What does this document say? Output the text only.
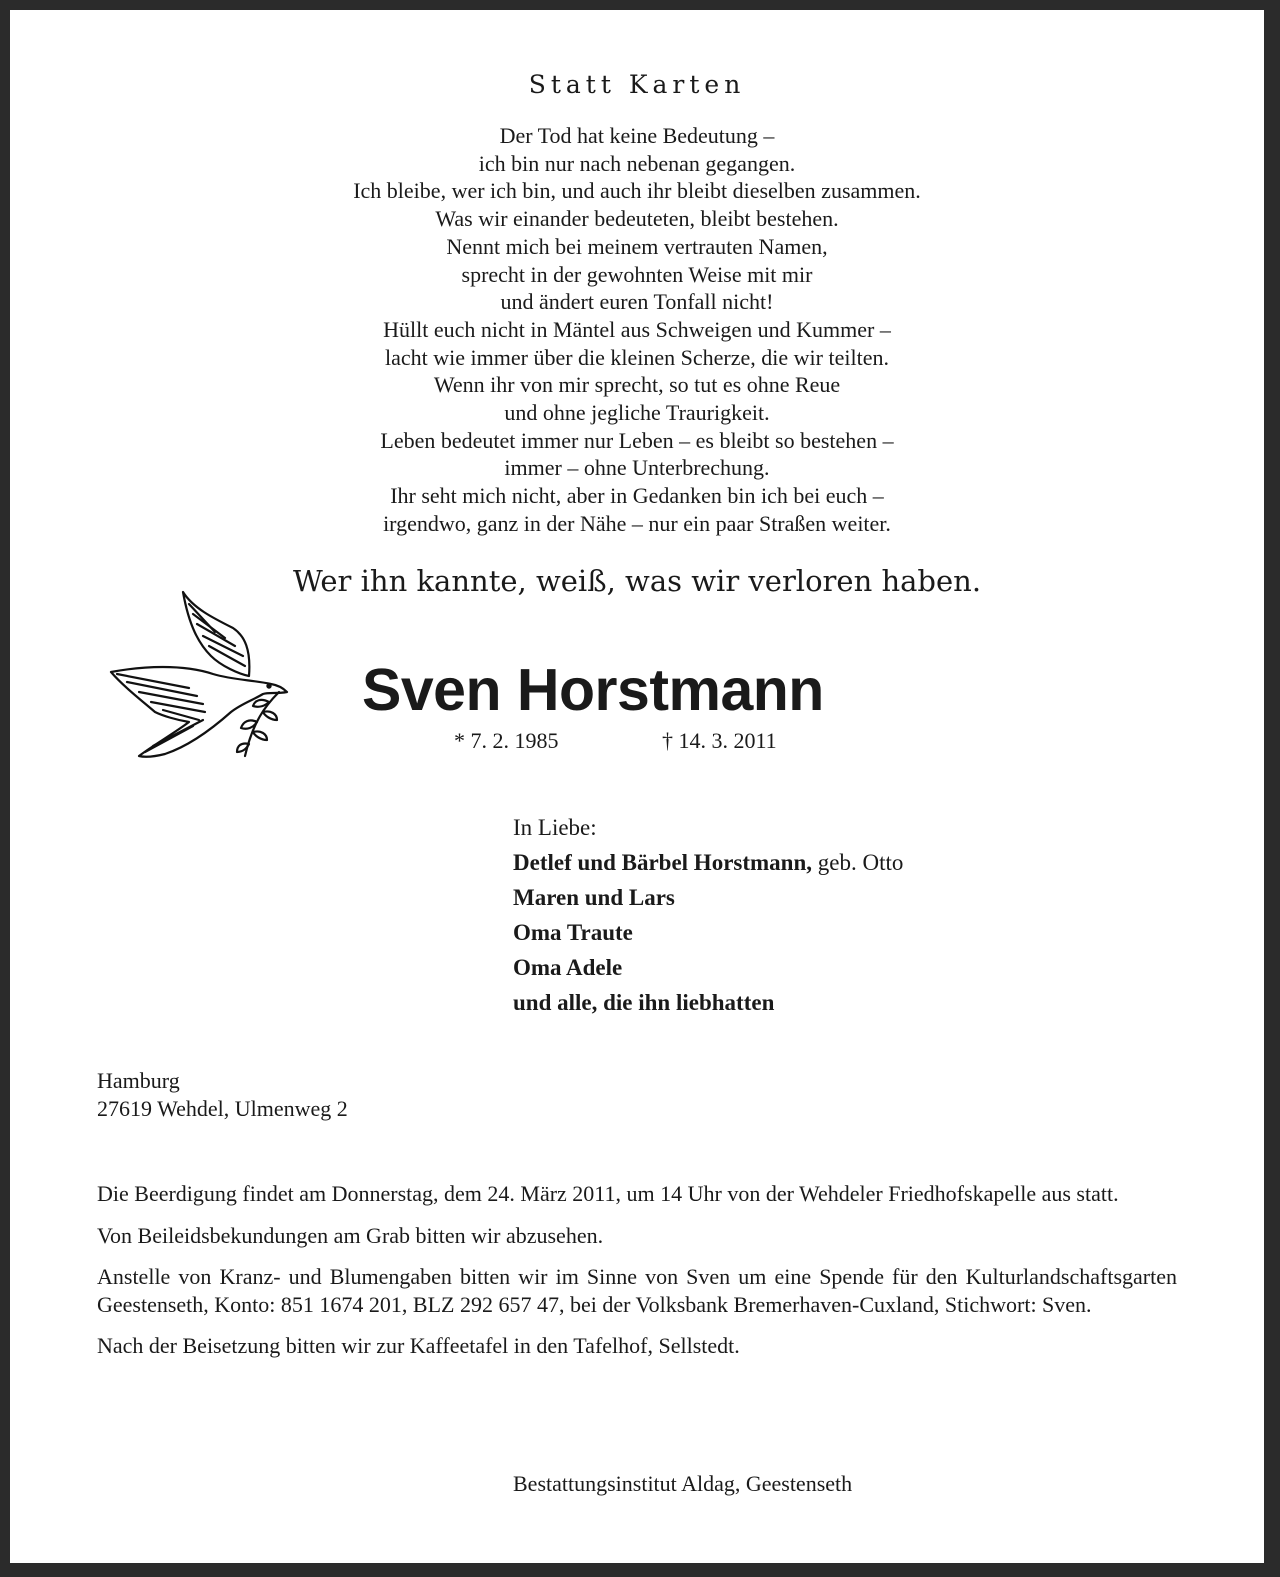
Statt Karten
Der Tod hat keine Bedeutung –
ich bin nur nach nebenan gegangen.
Ich bleibe, wer ich bin, und auch ihr bleibt dieselben zusammen.
Was wir einander bedeuteten, bleibt bestehen.
Nennt mich bei meinem vertrauten Namen,
sprecht in der gewohnten Weise mit mir
und ändert euren Tonfall nicht!
Hüllt euch nicht in Mäntel aus Schweigen und Kummer –
lacht wie immer über die kleinen Scherze, die wir teilten.
Wenn ihr von mir sprecht, so tut es ohne Reue
und ohne jegliche Traurigkeit.
Leben bedeutet immer nur Leben – es bleibt so bestehen –
immer – ohne Unterbrechung.
Ihr seht mich nicht, aber in Gedanken bin ich bei euch –
irgendwo, ganz in der Nähe – nur ein paar Straßen weiter.
Wer ihn kannte, weiß, was wir verloren haben.
Sven Horstmann
* 7. 2. 1985	† 14. 3. 2011
In Liebe:
Detlef und Bärbel Horstmann, geb. Otto
Maren und Lars
Oma Traute
Oma Adele
und alle, die ihn liebhatten
Hamburg
27619 Wehdel, Ulmenweg 2

Die Beerdigung findet am Donnerstag, dem 24. März 2011, um 14 Uhr von der Wehdeler Friedhofskapelle aus statt.

Von Beileidsbekundungen am Grab bitten wir abzusehen.

Anstelle von Kranz- und Blumengaben bitten wir im Sinne von Sven um eine Spende für den Kulturlandschaftsgarten Geestenseth, Konto: 851 1674 201, BLZ 292 657 47, bei der Volksbank Bremerhaven-Cuxland, Stichwort: Sven.

Nach der Beisetzung bitten wir zur Kaffeetafel in den Tafelhof, Sellstedt.

Bestattungsinstitut Aldag, Geestenseth
